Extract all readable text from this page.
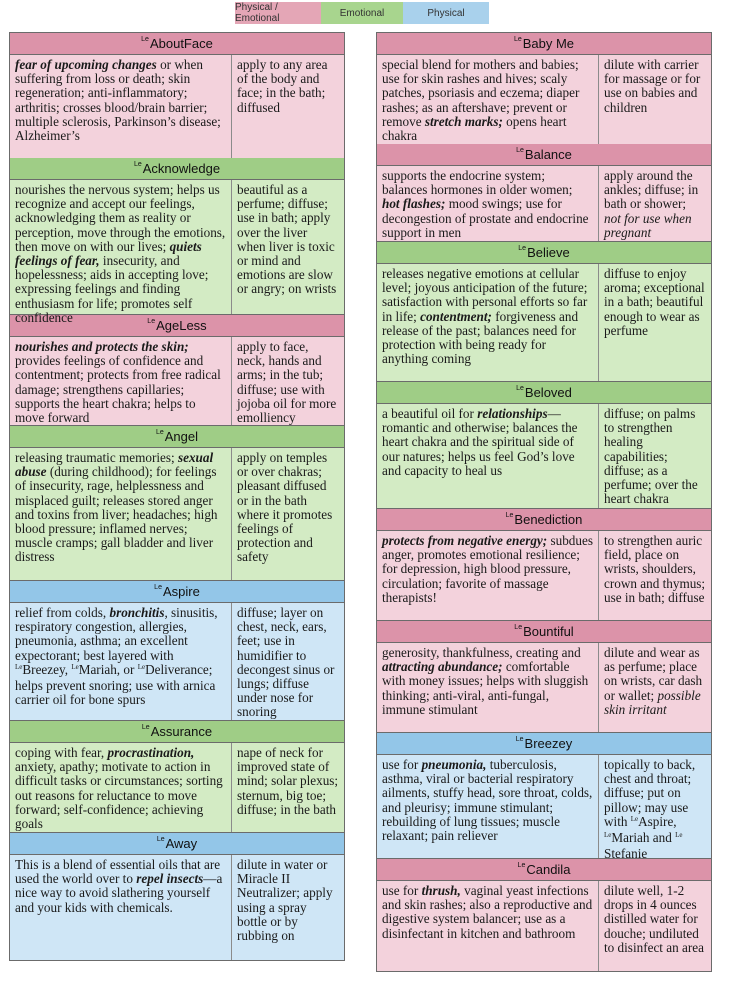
Physical / Emotional	Emotional	Physical
Le AboutFace
fear of upcoming changes or when suffering from loss or death; skin regeneration; anti-inflammatory; arthritis; crosses blood/brain barrier; multiple sclerosis, Parkinson’s disease; Alzheimer’s
apply to any area of the body and face; in the bath; diffused
Le Acknowledge
nourishes the nervous system; helps us recognize and accept our feelings, acknowledging them as reality or perception, move through the emotions, then move on with our lives; quiets feelings of fear, insecurity, and hopelessness; aids in accepting love; expressing feelings and finding enthusiasm for life; promotes self confidence
beautiful as a perfume; diffuse; use in bath; apply over the liver when liver is toxic or mind and emotions are slow or angry; on wrists
Le AgeLess
nourishes and protects the skin; provides feelings of confidence and contentment; protects from free radical damage; strengthens capillaries; supports the heart chakra; helps to move forward
apply to face, neck, hands and arms; in the tub; diffuse; use with jojoba oil for more emolliency
Le Angel
releasing traumatic memories; sexual abuse (during childhood); for feelings of insecurity, rage, helplessness and misplaced guilt; releases stored anger and toxins from liver; headaches; high blood pressure; inflamed nerves; muscle cramps; gall bladder and liver distress
apply on temples or over chakras; pleasant diffused or in the bath where it promotes feelings of protection and safety
Le Aspire
relief from colds, bronchitis, sinusitis, respiratory congestion, allergies, pneumonia, asthma; an excellent expectorant; best layered with $^{Le}$Breezey, $^{Le}$Mariah, or $^{Le}$Deliverance; helps prevent snoring; use with arnica carrier oil for bone spurs
diffuse; layer on chest, neck, ears, feet; use in humidifier to decongest sinus or lungs; diffuse under nose for snoring
Le Assurance
coping with fear, procrastination, anxiety, apathy; motivate to action in difficult tasks or circumstances; sorting out reasons for reluctance to move forward; self-confidence; achieving goals
nape of neck for improved state of mind; solar plexus; sternum, big toe; diffuse; in the bath
Le Away
This is a blend of essential oils that are used the world over to repel insects—a nice way to avoid slathering yourself and your kids with chemicals.
dilute in water or Miracle II Neutralizer; apply using a spray bottle or by rubbing on
Le Baby Me
special blend for mothers and babies; use for skin rashes and hives; scaly patches, psoriasis and eczema; diaper rashes; as an aftershave; prevent or remove stretch marks; opens heart chakra
dilute with carrier for massage or for use on babies and children
Le Balance
supports the endocrine system; balances hormones in older women; hot flashes; mood swings; use for decongestion of prostate and endocrine support in men
apply around the ankles; diffuse; in bath or shower; not for use when pregnant
Le Believe
releases negative emotions at cellular level; joyous anticipation of the future; satisfaction with personal efforts so far in life; contentment; forgiveness and release of the past; balances need for protection with being ready for anything coming
diffuse to enjoy aroma; exceptional in a bath; beautiful enough to wear as perfume
Le Beloved
a beautiful oil for relationships—romantic and otherwise; balances the heart chakra and the spiritual side of our natures; helps us feel God’s love and capacity to heal us
diffuse; on palms to strengthen healing capabilities; diffuse; as a perfume; over the heart chakra
Le Benediction
protects from negative energy; subdues anger, promotes emotional resilience; for depression, high blood pressure, circulation; favorite of massage therapists!
to strengthen auric field, place on wrists, shoulders, crown and thymus; use in bath; diffuse
Le Bountiful
generosity, thankfulness, creating and attracting abundance; comfortable with money issues; helps with sluggish thinking; anti-viral, anti-fungal, immune stimulant
dilute and wear as as perfume; place on wrists, car dash or wallet; possible skin irritant
Le Breezey
use for pneumonia, tuberculosis, asthma, viral or bacterial respiratory ailments, stuffy head, sore throat, colds, and pleurisy; immune stimulant; rebuilding of lung tissues; muscle relaxant; pain reliever
topically to back, chest and throat; diffuse; put on pillow; may use with $^{Le}$Aspire, $^{Le}$Mariah and $^{Le}$ Stefanie
Le Candila
use for thrush, vaginal yeast infections and skin rashes; also a reproductive and digestive system balancer; use as a disinfectant in kitchen and bathroom
dilute well, 1-2 drops in 4 ounces distilled water for douche; undiluted to disinfect an area
